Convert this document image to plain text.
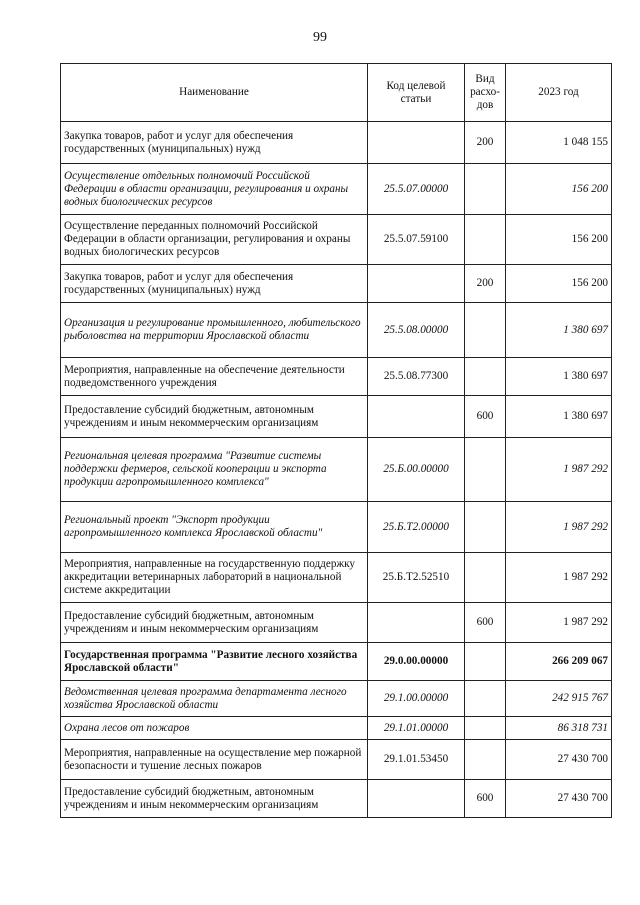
99
Наименование	Код целевой статьи	Вид расхо-дов	2023 год
Закупка товаров, работ и услуг для обеспечения государственных (муниципальных) нужд		200	1 048 155
Осуществление отдельных полномочий Российской Федерации в области организации, регулирования и охраны водных биологических ресурсов	25.5.07.00000		156 200
Осуществление переданных полномочий Российской Федерации в области организации, регулирования и охраны водных биологических ресурсов	25.5.07.59100		156 200
Закупка товаров, работ и услуг для обеспечения государственных (муниципальных) нужд		200	156 200
Организация и регулирование промышленного, любительского рыболовства на территории Ярославской области	25.5.08.00000		1 380 697
Мероприятия, направленные на обеспечение деятельности подведомственного учреждения	25.5.08.77300		1 380 697
Предоставление субсидий бюджетным, автономным учреждениям и иным некоммерческим организациям		600	1 380 697
Региональная целевая программа "Развитие системы поддержки фермеров, сельской кооперации и экспорта продукции агропромышленного комплекса"	25.Б.00.00000		1 987 292
Региональный проект "Экспорт продукции агропромышленного комплекса Ярославской области"	25.Б.Т2.00000		1 987 292
Мероприятия, направленные на государственную поддержку аккредитации ветеринарных лабораторий в национальной системе аккредитации	25.Б.Т2.52510		1 987 292
Предоставление субсидий бюджетным, автономным учреждениям и иным некоммерческим организациям		600	1 987 292
Государственная программа "Развитие лесного хозяйства Ярославской области"	29.0.00.00000		266 209 067
Ведомственная целевая программа департамента лесного хозяйства Ярославской области	29.1.00.00000		242 915 767
Охрана лесов от пожаров	29.1.01.00000		86 318 731
Мероприятия, направленные на осуществление мер пожарной безопасности и тушение лесных пожаров	29.1.01.53450		27 430 700
Предоставление субсидий бюджетным, автономным учреждениям и иным некоммерческим организациям		600	27 430 700
